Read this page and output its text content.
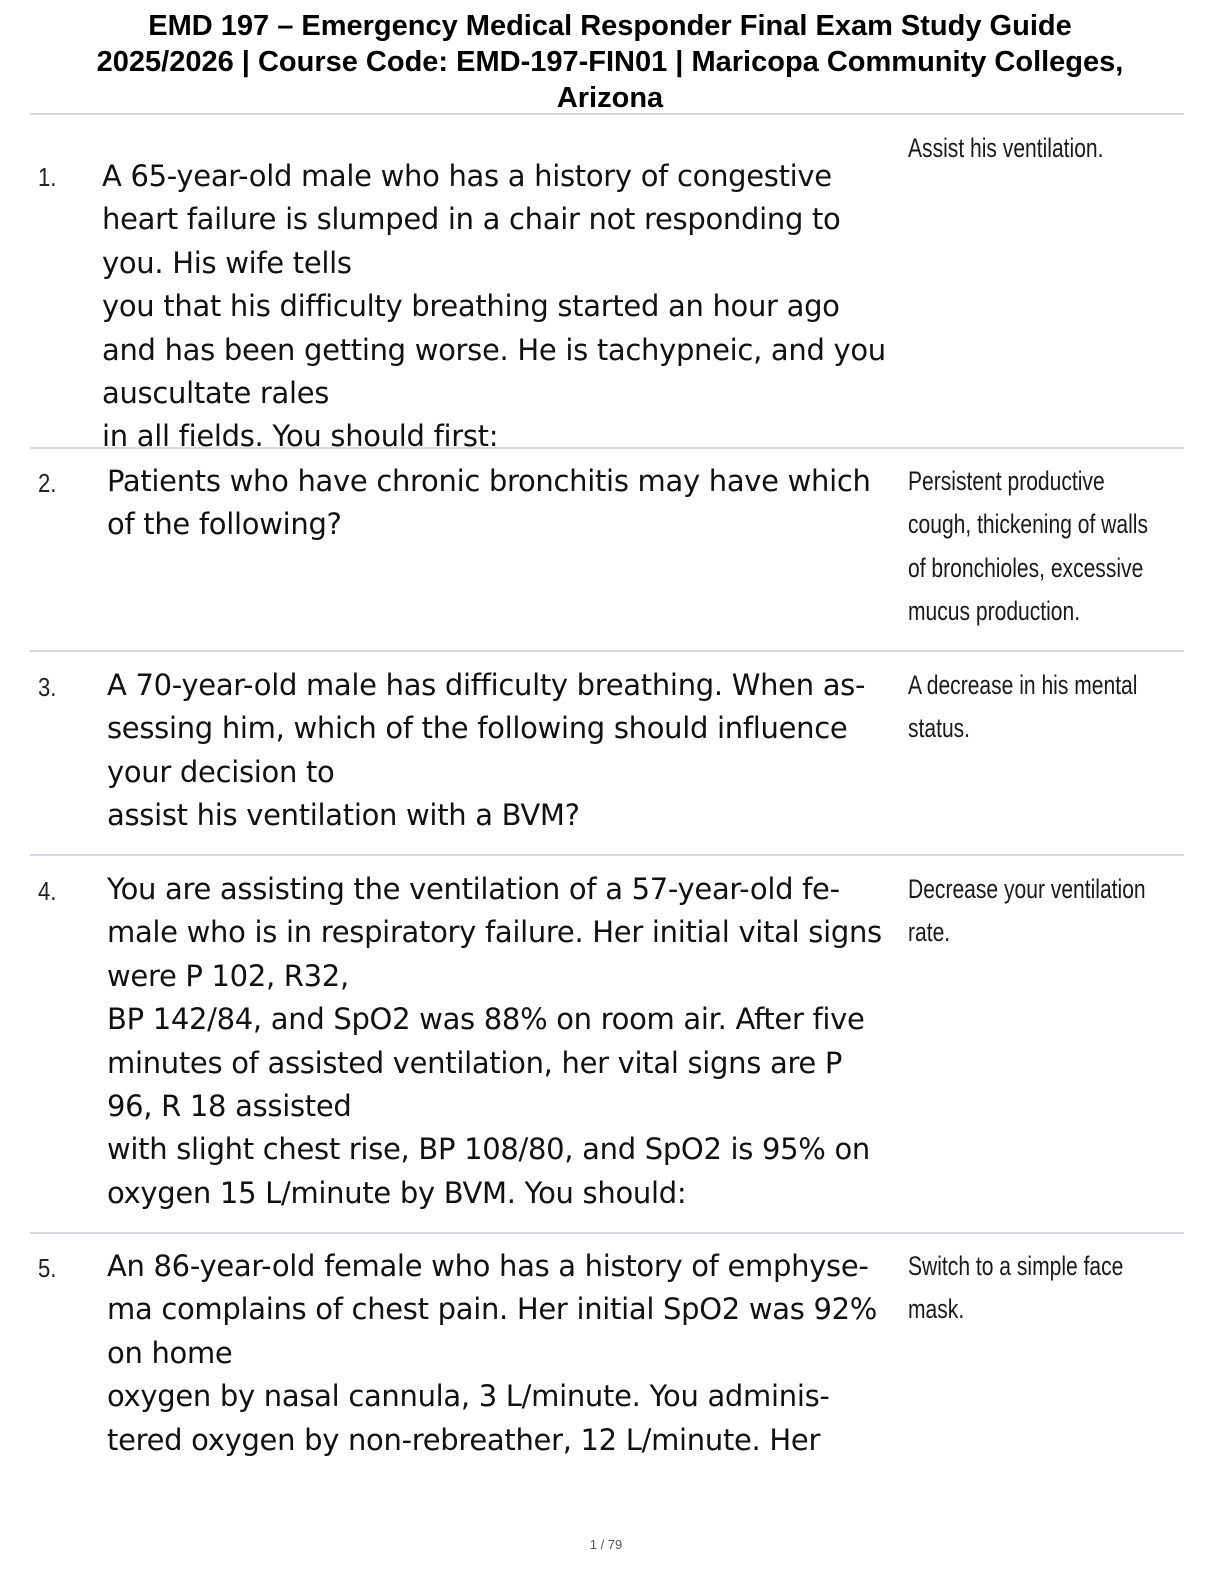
EMD 197 – Emergency Medical Responder Final Exam Study Guide
2025/2026 | Course Code: EMD-197-FIN01 | Maricopa Community Colleges,
Arizona
1. A 65-year-old male who has a history of congestive
heart failure is slumped in a chair not responding to
you. His wife tells
you that his difficulty breathing started an hour ago
and has been getting worse. He is tachypneic, and you
auscultate rales
in all fields. You should first:
Assist his ventilation.
2. Patients who have chronic bronchitis may have which
of the following?
Persistent productive
cough, thickening of walls
of bronchioles, excessive
mucus production.
3. A 70-year-old male has difficulty breathing. When as-
sessing him, which of the following should influence
your decision to
assist his ventilation with a BVM?
A decrease in his mental
status.
4. You are assisting the ventilation of a 57-year-old fe-
male who is in respiratory failure. Her initial vital signs
were P 102, R32,
BP 142/84, and SpO2 was 88% on room air. After five
minutes of assisted ventilation, her vital signs are P
96, R 18 assisted
with slight chest rise, BP 108/80, and SpO2 is 95% on
oxygen 15 L/minute by BVM. You should:
Decrease your ventilation
rate.
5. An 86-year-old female who has a history of emphyse-
ma complains of chest pain. Her initial SpO2 was 92%
on home
oxygen by nasal cannula, 3 L/minute. You adminis-
tered oxygen by non-rebreather, 12 L/minute. Her
Switch to a simple face
mask.
1 / 79
